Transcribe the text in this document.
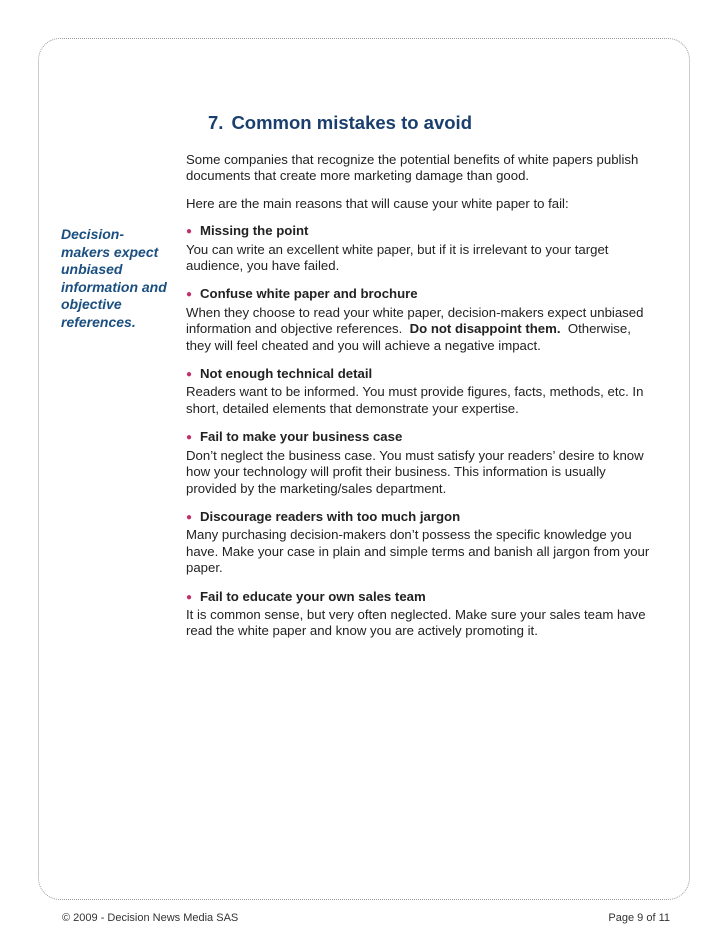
7. Common mistakes to avoid

Decision-makers expect unbiased information and objective references.

Some companies that recognize the potential benefits of white papers publish documents that create more marketing damage than good.

Here are the main reasons that will cause your white paper to fail:

● Missing the point
You can write an excellent white paper, but if it is irrelevant to your target audience, you have failed.
● Confuse white paper and brochure
When they choose to read your white paper, decision-makers expect unbiased information and objective references. Do not disappoint them. Otherwise, they will feel cheated and you will achieve a negative impact.
● Not enough technical detail
Readers want to be informed. You must provide figures, facts, methods, etc. In short, detailed elements that demonstrate your expertise.
● Fail to make your business case
Don’t neglect the business case. You must satisfy your readers’ desire to know how your technology will profit their business. This information is usually provided by the marketing/sales department.
● Discourage readers with too much jargon
Many purchasing decision-makers don’t possess the specific knowledge you have. Make your case in plain and simple terms and banish all jargon from your paper.
● Fail to educate your own sales team
It is common sense, but very often neglected. Make sure your sales team have read the white paper and know you are actively promoting it.
© 2009 - Decision News Media SAS	Page 9 of 11
